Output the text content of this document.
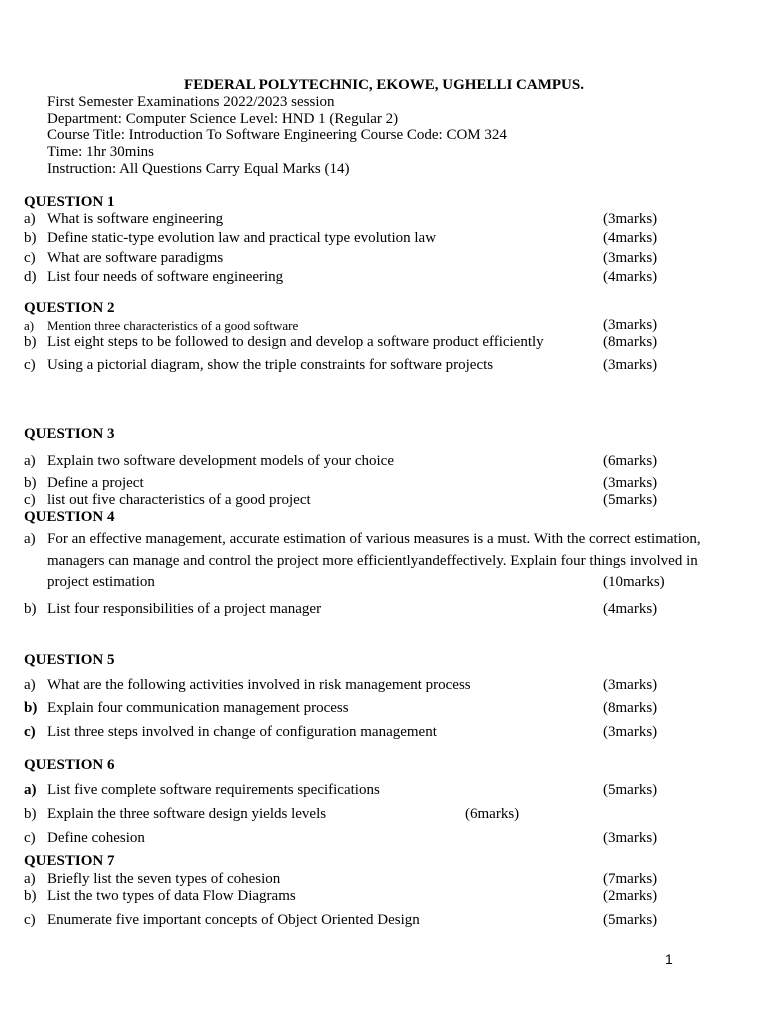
FEDERAL POLYTECHNIC, EKOWE, UGHELLI CAMPUS.
First Semester Examinations 2022/2023 session
Department: Computer Science Level: HND 1 (Regular 2)
Course Title: Introduction To Software Engineering Course Code: COM 324
Time: 1hr 30mins
Instruction: All Questions Carry Equal Marks (14)
QUESTION 1
a) What is software engineering	(3marks)
b) Define static-type evolution law and practical type evolution law	(4marks)
c) What are software paradigms	(3marks)
d) List four needs of software engineering	(4marks)
QUESTION 2
a) Mention three characteristics of a good software	(3marks)
b) List eight steps to be followed to design and develop a software product efficiently	(8marks)
c) Using a pictorial diagram, show the triple constraints for software projects	(3marks)
QUESTION 3
a) Explain two software development models of your choice	(6marks)
b) Define a project	(3marks)
c) list out five characteristics of a good project	(5marks)
QUESTION 4
a) For an effective management, accurate estimation of various measures is a must. With the correct estimation,
managers can manage and control the project more efficientlyandeffectively. Explain four things involved in
project estimation	(10marks)
b) List four responsibilities of a project manager	(4marks)
QUESTION 5
a) What are the following activities involved in risk management process	(3marks)
b) Explain four communication management process	(8marks)
c) List three steps involved in change of configuration management	(3marks)
QUESTION 6
a) List five complete software requirements specifications	(5marks)
b) Explain the three software design yields levels	(6marks)
c) Define cohesion	(3marks)
QUESTION 7
a) Briefly list the seven types of cohesion	(7marks)
b) List the two types of data Flow Diagrams	(2marks)
c) Enumerate five important concepts of Object Oriented Design	(5marks)
1
